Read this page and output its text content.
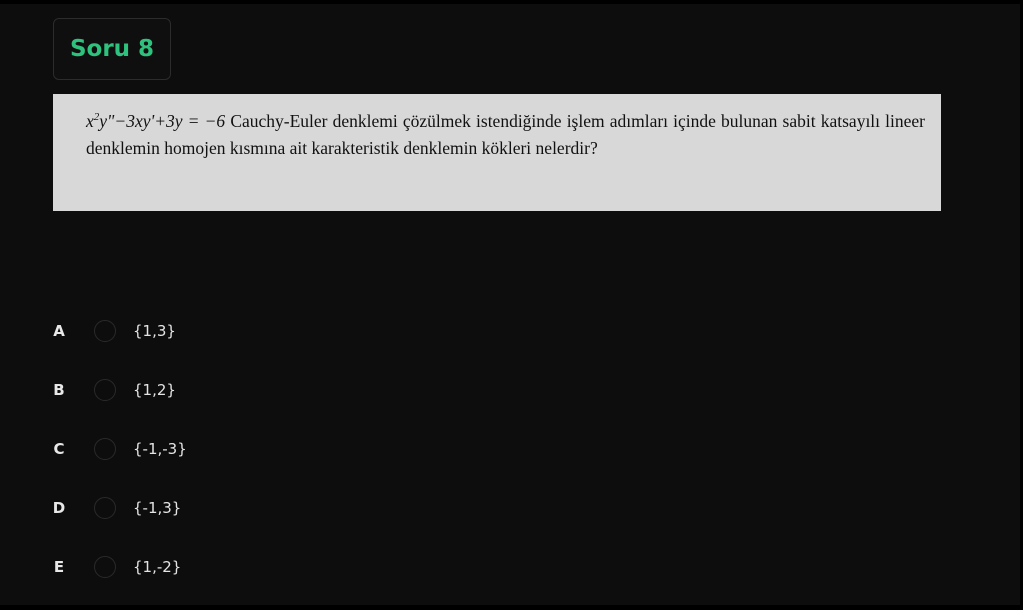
Soru 8
$x^2y"-3xy'+3y = -6$ Cauchy-Euler denklemi çözülmek istendiğinde işlem adımları içinde bulunan sabit katsayılı lineer denklemin homojen kısmına ait karakteristik denklemin kökleri nelerdir?
A	{1,3}
B	{1,2}
C	{-1,-3}
D	{-1,3}
E	{1,-2}
